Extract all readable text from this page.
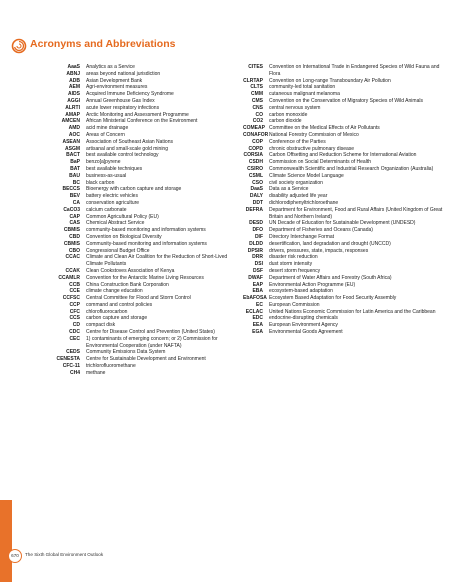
Acronyms and Abbreviations
AaaS	Analytics as a Service
ABNJ	areas beyond national jurisdiction
ADB	Asian Development Bank
AEM	Agri-environment measures
AIDS	Acquired Immune Deficiency Syndrome
AGGI	Annual Greenhouse Gas Index
ALRTI	acute lower respiratory infections
AMAP	Arctic Monitoring and Assessment Programme
AMCEN	African Ministerial Conference on the Environment
AMD	acid mine drainage
AOC	Areas of Concern
ASEAN	Association of Southeast Asian Nations
ASGM	artisanal and small-scale gold mining
BACT	best available control technology
BaP	benzo[a]pyrene
BAT	best available techniques
BAU	business-as-usual
BC	black carbon
BECCS	Bioenergy with carbon capture and storage
BEV	battery electric vehicles
CA	conservation agriculture
CaCO3	calcium carbonate
CAP	Common Agricultural Policy (EU)
CAS	Chemical Abstract Service
CBMIS	community-based monitoring and information systems
CBD	Convention on Biological Diversity
CBMIS	Community-based monitoring and information systems
CBO	Congressional Budget Office
CCAC	Climate and Clean Air Coalition for the Reduction of Short-Lived Climate Pollutants
CCAK	Clean Cookstoves Association of Kenya
CCAMLR	Convention for the Antarctic Marine Living Resources
CCB	China Construction Bank Corporation
CCE	climate change education
CCFSC	Central Committee for Flood and Storm Control
CCP	command and control policies
CFC	chlorofluorocarbon
CCS	carbon capture and storage
CD	compact disk
CDC	Centre for Disease Control and Prevention (United States)
CEC	1) contaminants of emerging concern; or 2) Commission for Environmental Cooperation (under NAFTA)
CEDS	Community Emissions Data System
CENESTA	Centre for Sustainable Development and Environment
CFC-11	trichlorofluoromethane
CH4	methane
CITES	Convention on International Trade in Endangered Species of Wild Fauna and Flora
CLRTAP	Convention on Long-range Transboundary Air Pollution
CLTS	community-led total sanitation
CMM	cutaneous malignant melanoma
CMS	Convention on the Conservation of Migratory Species of Wild Animals
CNS	central nervous system
CO	carbon monoxide
CO2	carbon dioxide
COMEAP Committee on the Medical Effects of Air Pollutants
CONAFOR National Forestry Commission of Mexico
COP	Conference of the Parties
COPD	chronic obstructive pulmonary disease
CORSIA	Carbon Offsetting and Reduction Scheme for International Aviation
CSDH	Commission on Social Determinants of Health
CSIRO	Commonwealth Scientific and Industrial Research Organization (Australia)
CSML	Climate Science Model Language
CSO	civil society organization
DaaS	Data as a Service
DALY	disability adjusted life year
DDT	dichlorodiphenyltrichloroethane
DEFRA	Department for Environment, Food and Rural Affairs (United Kingdom of Great Britain and Northern Ireland)
DESD	UN Decade of Education for Sustainable Development (UNDESD)
DFO	Department of Fisheries and Oceans (Canada)
DIF	Directory Interchange Format
DLDD	desertification, land degradation and drought (UNCCD)
DPSIR	drivers, pressures, state, impacts, responses
DRR	disaster risk reduction
DSI	dust storm intensity
DSF	desert storm frequency
DWAF	Department of Water Affairs and Forestry (South Africa)
EAP	Environmental Action Programme (EU)
EBA	ecosystem-based adaptation
EbAFOSA Ecosystem Based Adaptation for Food Security Assembly
EC	European Commission
ECLAC	United Nations Economic Commission for Latin America and the Caribbean
EDC	endocrine-disrupting chemicals
EEA	European Environment Agency
EGA	Environmental Goods Agreement
670	The Sixth Global Environment Outlook
